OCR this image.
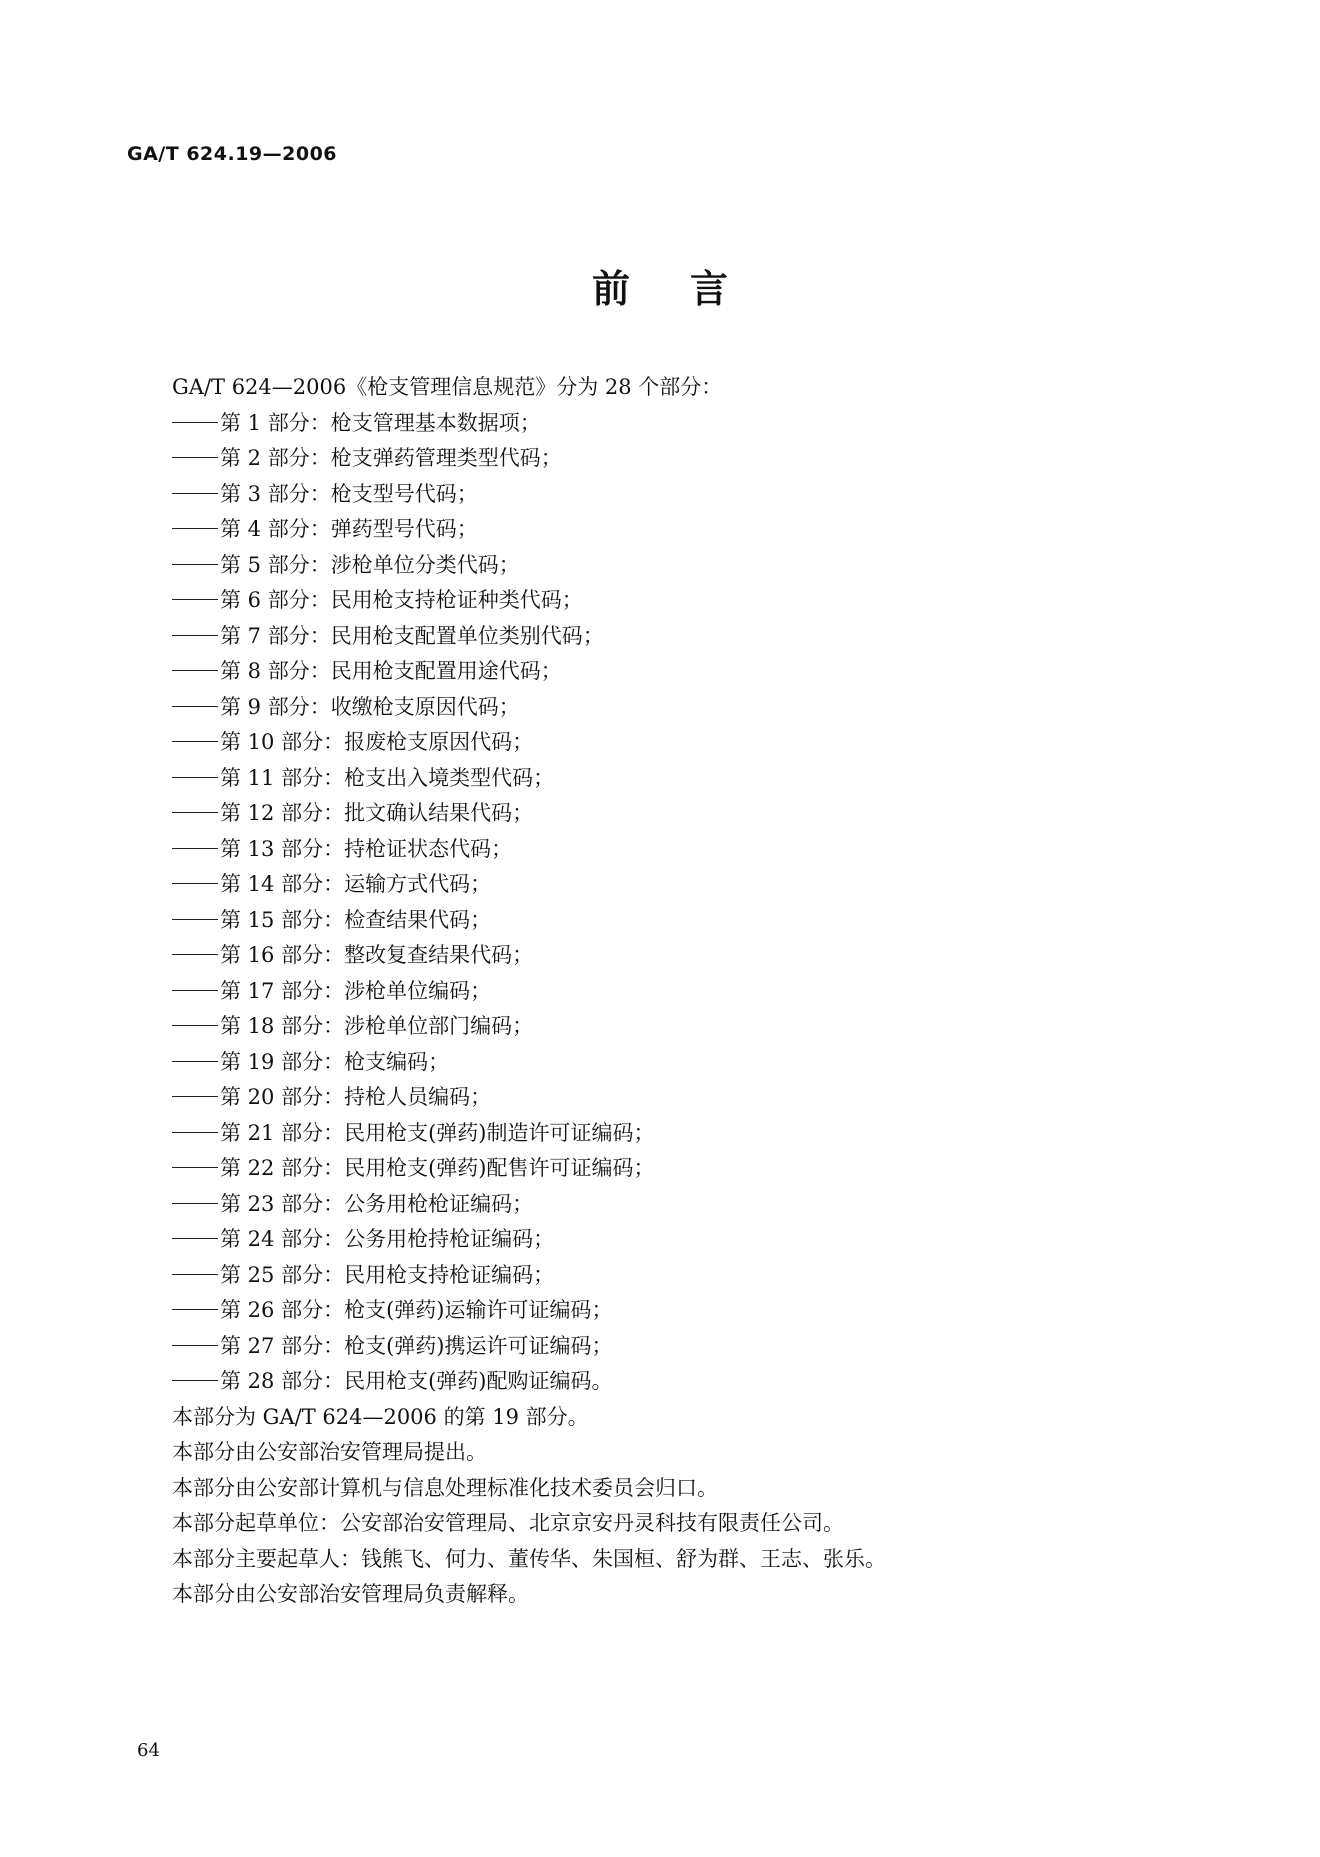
GA/T 624.19—2006
前言
GA/T 624—2006《枪支管理信息规范》分为 28 个部分：
第 1 部分：枪支管理基本数据项；
第 2 部分：枪支弹药管理类型代码；
第 3 部分：枪支型号代码；
第 4 部分：弹药型号代码；
第 5 部分：涉枪单位分类代码；
第 6 部分：民用枪支持枪证种类代码；
第 7 部分：民用枪支配置单位类别代码；
第 8 部分：民用枪支配置用途代码；
第 9 部分：收缴枪支原因代码；
第 10 部分：报废枪支原因代码；
第 11 部分：枪支出入境类型代码；
第 12 部分：批文确认结果代码；
第 13 部分：持枪证状态代码；
第 14 部分：运输方式代码；
第 15 部分：检查结果代码；
第 16 部分：整改复查结果代码；
第 17 部分：涉枪单位编码；
第 18 部分：涉枪单位部门编码；
第 19 部分：枪支编码；
第 20 部分：持枪人员编码；
第 21 部分：民用枪支(弹药)制造许可证编码；
第 22 部分：民用枪支(弹药)配售许可证编码；
第 23 部分：公务用枪枪证编码；
第 24 部分：公务用枪持枪证编码；
第 25 部分：民用枪支持枪证编码；
第 26 部分：枪支(弹药)运输许可证编码；
第 27 部分：枪支(弹药)携运许可证编码；
第 28 部分：民用枪支(弹药)配购证编码。
本部分为 GA/T 624—2006 的第 19 部分。
本部分由公安部治安管理局提出。
本部分由公安部计算机与信息处理标准化技术委员会归口。
本部分起草单位：公安部治安管理局、北京京安丹灵科技有限责任公司。
本部分主要起草人：钱熊飞、何力、董传华、朱国桓、舒为群、王志、张乐。
本部分由公安部治安管理局负责解释。
64
